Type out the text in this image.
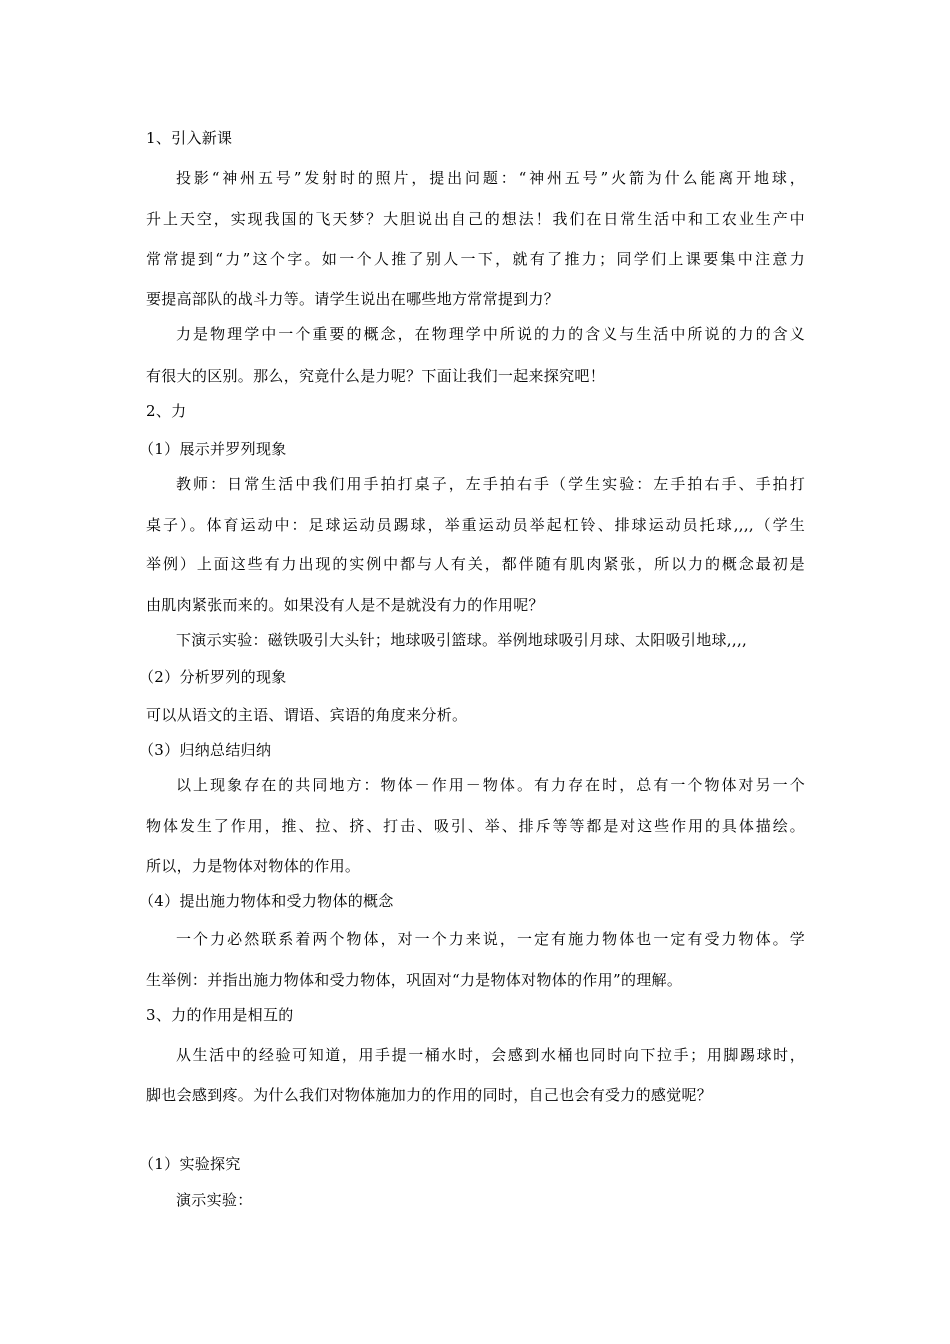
1、引入新课
投影“神州五号”发射时的照片，提出问题：“神州五号”火箭为什么能离开地球，
升上天空，实现我国的飞天梦？大胆说出自己的想法！我们在日常生活中和工农业生产中
常常提到“力”这个字。如一个人推了别人一下，就有了推力；同学们上课要集中注意力
要提高部队的战斗力等。请学生说出在哪些地方常常提到力？
力是物理学中一个重要的概念，在物理学中所说的力的含义与生活中所说的力的含义
有很大的区别。那么，究竟什么是力呢？下面让我们一起来探究吧！
2、力
（1）展示并罗列现象
教师：日常生活中我们用手拍打桌子，左手拍右手（学生实验：左手拍右手、手拍打
桌子）。体育运动中：足球运动员踢球，举重运动员举起杠铃、排球运动员托球,,,,（学生
举例）上面这些有力出现的实例中都与人有关，都伴随有肌肉紧张，所以力的概念最初是
由肌肉紧张而来的。如果没有人是不是就没有力的作用呢？
下演示实验：磁铁吸引大头针；地球吸引篮球。举例地球吸引月球、太阳吸引地球,,,,
（2）分析罗列的现象
可以从语文的主语、谓语、宾语的角度来分析。
（3）归纳总结归纳
以上现象存在的共同地方：物体－作用－物体。有力存在时，总有一个物体对另一个
物体发生了作用，推、拉、挤、打击、吸引、举、排斥等等都是对这些作用的具体描绘。
所以，力是物体对物体的作用。
（4）提出施力物体和受力物体的概念
一个力必然联系着两个物体，对一个力来说，一定有施力物体也一定有受力物体。学
生举例：并指出施力物体和受力物体，巩固对“力是物体对物体的作用”的理解。
3、力的作用是相互的
从生活中的经验可知道，用手提一桶水时，会感到水桶也同时向下拉手；用脚踢球时，
脚也会感到疼。为什么我们对物体施加力的作用的同时，自己也会有受力的感觉呢？
（1）实验探究
演示实验：
